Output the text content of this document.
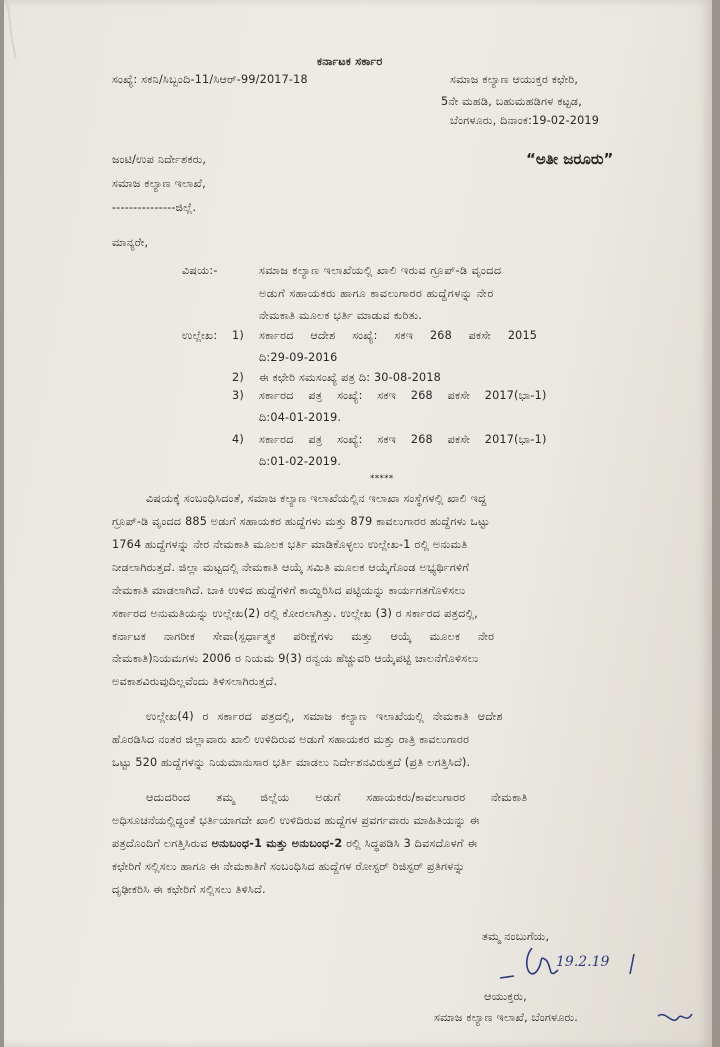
ಕರ್ನಾಟಕ ಸರ್ಕಾರ
ಸಂಖ್ಯೆ: ಸಕನಿ/ಸಿಬ್ಬಂದಿ-11/ಸಿಆರ್-99/2017-18	ಸಮಾಜ ಕಲ್ಯಾಣ ಆಯುಕ್ತರ ಕಛೇರಿ,
5ನೇ ಮಹಡಿ, ಬಹುಮಹಡಿಗಳ ಕಟ್ಟಡ,
ಬೆಂಗಳೂರು, ದಿನಾಂಕ:19-02-2019
“ಅತೀ ಜರೂರು”
ಜಂಟಿ/ಉಪ ನಿರ್ದೇಶಕರು,
ಸಮಾಜ ಕಲ್ಯಾಣ ಇಲಾಖೆ,
---------------ಜಿಲ್ಲೆ.
ಮಾನ್ಯರೇ,
ವಿಷಯ:-	ಸಮಾಜ ಕಲ್ಯಾಣ ಇಲಾಖೆಯಲ್ಲಿ ಖಾಲಿ ಇರುವ ಗ್ರೂಪ್-ಡಿ ವೃಂದದ
ಅಡುಗೆ ಸಹಾಯಕರು ಹಾಗೂ ಕಾವಲುಗಾರರ ಹುದ್ದೆಗಳನ್ನು ನೇರ
ನೇಮಕಾತಿ ಮೂಲಕ ಭರ್ತಿ ಮಾಡುವ ಕುರಿತು.
ಉಲ್ಲೇಖ: 1) ಸರ್ಕಾರದ ಆದೇಶ ಸಂಖ್ಯೆ: ಸಕಇ 268 ಪಕಸೇ 2015
ದಿ:29-09-2016
2) ಈ ಕಛೇರಿ ಸಮಸಂಖ್ಯೆ ಪತ್ರ ದಿ: 30-08-2018
3) ಸರ್ಕಾರದ ಪತ್ರ ಸಂಖ್ಯೆ: ಸಕಇ 268 ಪಕಸೇ 2017(ಭಾ-1)
ದಿ:04-01-2019.
4) ಸರ್ಕಾರದ ಪತ್ರ ಸಂಖ್ಯೆ: ಸಕಇ 268 ಪಕಸೇ 2017(ಭಾ-1)
ದಿ:01-02-2019.
*****
ವಿಷಯಕ್ಕೆ ಸಂಬಂಧಿಸಿದಂತೆ, ಸಮಾಜ ಕಲ್ಯಾಣ ಇಲಾಖೆಯಲ್ಲಿನ ಇಲಾಖಾ ಸಂಸ್ಥೆಗಳಲ್ಲಿ ಖಾಲಿ ಇದ್ದ
ಗ್ರೂಪ್-ಡಿ ವೃಂದದ 885 ಅಡುಗೆ ಸಹಾಯಕರ ಹುದ್ದೆಗಳು ಮತ್ತು 879 ಕಾವಲುಗಾರರ ಹುದ್ದೆಗಳು ಒಟ್ಟು
1764 ಹುದ್ದೆಗಳನ್ನು ನೇರ ನೇಮಕಾತಿ ಮೂಲಕ ಭರ್ತಿ ಮಾಡಿಕೊಳ್ಳಲು ಉಲ್ಲೇಖ-1 ರಲ್ಲಿ ಅನುಮತಿ
ನೀಡಲಾಗಿರುತ್ತದೆ. ಜಿಲ್ಲಾ ಮಟ್ಟದಲ್ಲಿ ನೇಮಕಾತಿ ಆಯ್ಕೆ ಸಮಿತಿ ಮೂಲಕ ಆಯ್ಕೆಗೊಂಡ ಅಭ್ಯರ್ಥಿಗಳಿಗೆ
ನೇಮಕಾತಿ ಮಾಡಲಾಗಿದೆ. ಬಾಕಿ ಉಳಿದ ಹುದ್ದೆಗಳಿಗೆ ಕಾಯ್ದಿರಿಸಿದ ಪಟ್ಟಿಯನ್ನು ಕಾರ್ಯಗತಗೊಳಿಸಲು
ಸರ್ಕಾರದ ಅನುಮತಿಯನ್ನು ಉಲ್ಲೇಖ(2) ರಲ್ಲಿ ಕೋರಲಾಗಿತ್ತು. ಉಲ್ಲೇಖ (3) ರ ಸರ್ಕಾರದ ಪತ್ರದಲ್ಲಿ,
ಕರ್ನಾಟಕ ನಾಗರೀಕ ಸೇವಾ(ಸ್ಪರ್ಧಾತ್ಮಕ ಪರೀಕ್ಷೆಗಳು ಮತ್ತು ಆಯ್ಕೆ ಮೂಲಕ ನೇರ
ನೇಮಕಾತಿ)ನಿಯಮಗಳು 2006 ರ ನಿಯಮ 9(3) ರನ್ವಯ ಹೆಚ್ಚುವರಿ ಆಯ್ಕೆಪಟ್ಟಿ ಚಾಲನೆಗೊಳಿಸಲು
ಅವಕಾಶವಿರುವುದಿಲ್ಲವೆಂದು ತಿಳಿಸಲಾಗಿರುತ್ತದೆ.
ಉಲ್ಲೇಖ(4) ರ ಸರ್ಕಾರದ ಪತ್ರದಲ್ಲಿ, ಸಮಾಜ ಕಲ್ಯಾಣ ಇಲಾಖೆಯಲ್ಲಿ ನೇಮಕಾತಿ ಆದೇಶ
ಹೊರಡಿಸಿದ ನಂತರ ಜಿಲ್ಲಾವಾರು ಖಾಲಿ ಉಳಿದಿರುವ ಅಡುಗೆ ಸಹಾಯಕರ ಮತ್ತು ರಾತ್ರಿ ಕಾವಲುಗಾರರ
ಒಟ್ಟು 520 ಹುದ್ದೆಗಳನ್ನು ನಿಯಮಾನುಸಾರ ಭರ್ತಿ ಮಾಡಲು ನಿರ್ದೇಶನವಿರುತ್ತದೆ (ಪ್ರತಿ ಲಗತ್ತಿಸಿದೆ).
ಆದುದರಿಂದ ತಮ್ಮ ಜಿಲ್ಲೆಯ ಅಡುಗೆ ಸಹಾಯಕರು/ಕಾವಲುಗಾರರ ನೇಮಕಾತಿ
ಅಧಿಸೂಚನೆಯಲ್ಲಿದ್ದಂತೆ ಭರ್ತಿಯಾಗದೇ ಖಾಲಿ ಉಳಿದಿರುವ ಹುದ್ದೆಗಳ ಪ್ರವರ್ಗವಾರು ಮಾಹಿತಿಯನ್ನು ಈ
ಪತ್ರದೊಂದಿಗೆ ಲಗತ್ತಿಸಿರುವ ಅನುಬಂಧ-1 ಮತ್ತು ಅನುಬಂಧ-2 ರಲ್ಲಿ ಸಿದ್ಧಪಡಿಸಿ 3 ದಿವಸದೊಳಗೆ ಈ
ಕಛೇರಿಗೆ ಸಲ್ಲಿಸಲು ಹಾಗೂ ಈ ನೇಮಕಾತಿಗೆ ಸಂಬಂಧಿಸಿದ ಹುದ್ದೆಗಳ ರೋಸ್ಟರ್ ರಿಜಿಸ್ಟರ್ ಪ್ರತಿಗಳನ್ನು
ದೃಢೀಕರಿಸಿ ಈ ಕಛೇರಿಗೆ ಸಲ್ಲಿಸಲು ತಿಳಿಸಿದೆ.
ತಮ್ಮ ನಂಬುಗೆಯ,
19.2.19
ಆಯುಕ್ತರು,
ಸಮಾಜ ಕಲ್ಯಾಣ ಇಲಾಖೆ, ಬೆಂಗಳೂರು.
